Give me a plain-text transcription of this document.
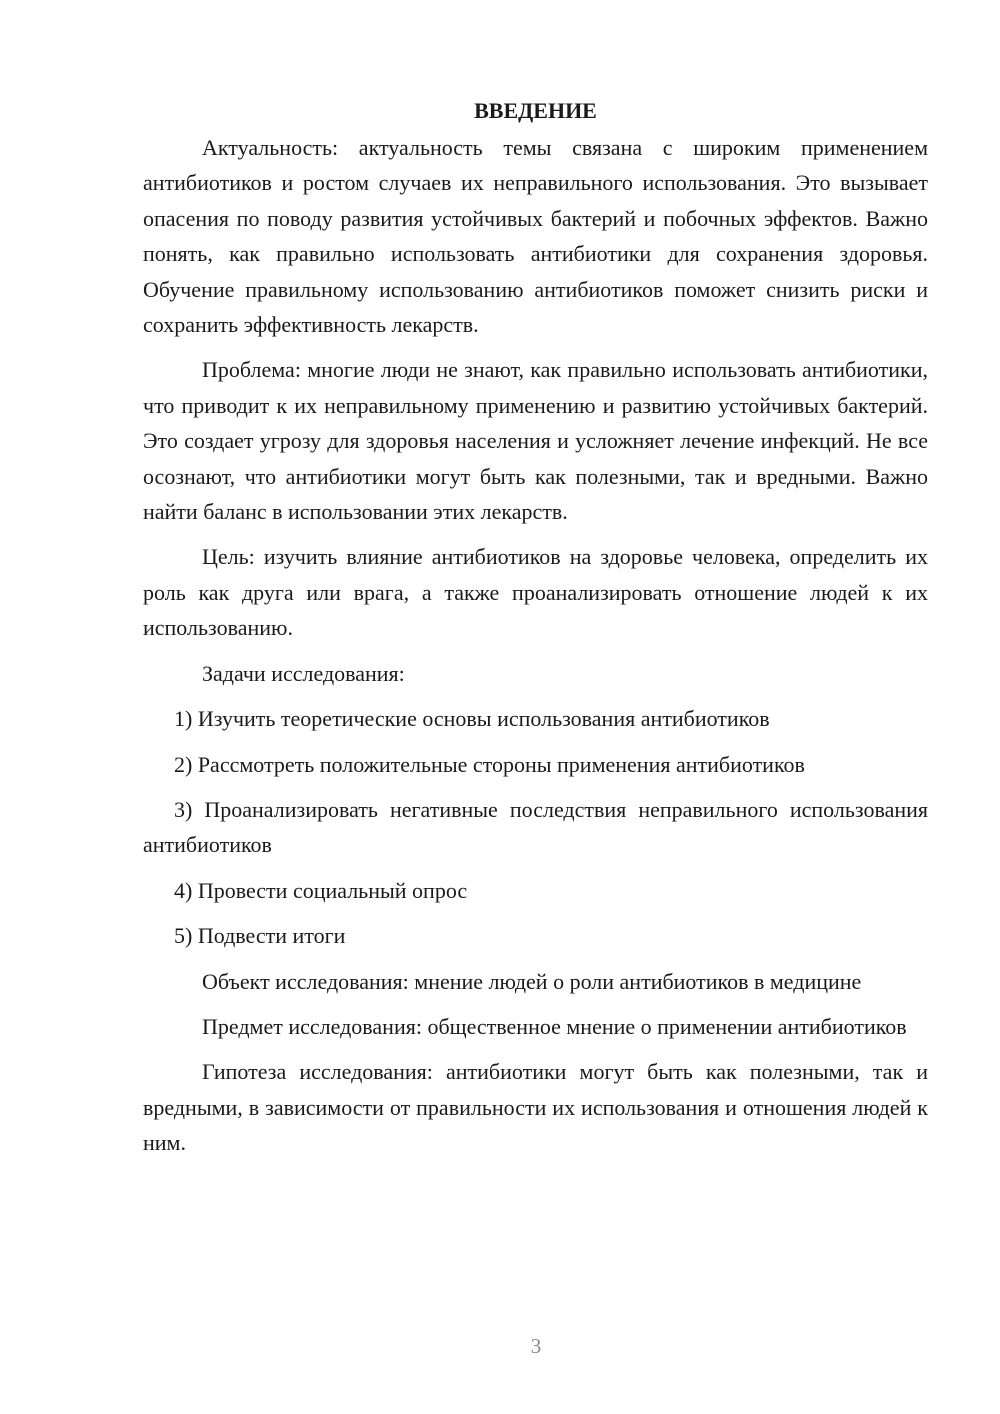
ВВЕДЕНИЕ

Актуальность: актуальность темы связана с широким применением антибиотиков и ростом случаев их неправильного использования. Это вызывает опасения по поводу развития устойчивых бактерий и побочных эффектов. Важно понять, как правильно использовать антибиотики для сохранения здоровья. Обучение правильному использованию антибиотиков поможет снизить риски и сохранить эффективность лекарств.

Проблема: многие люди не знают, как правильно использовать антибиотики, что приводит к их неправильному применению и развитию устойчивых бактерий. Это создает угрозу для здоровья населения и усложняет лечение инфекций. Не все осознают, что антибиотики могут быть как полезными, так и вредными. Важно найти баланс в использовании этих лекарств.

Цель: изучить влияние антибиотиков на здоровье человека, определить их роль как друга или врага, а также проанализировать отношение людей к их использованию.

Задачи исследования:

1) Изучить теоретические основы использования антибиотиков

2) Рассмотреть положительные стороны применения антибиотиков

3) Проанализировать негативные последствия неправильного использования антибиотиков

4) Провести социальный опрос

5) Подвести итоги

Объект исследования: мнение людей о роли антибиотиков в медицине

Предмет исследования: общественное мнение о применении антибиотиков

Гипотеза исследования: антибиотики могут быть как полезными, так и вредными, в зависимости от правильности их использования и отношения людей к ним.

3
